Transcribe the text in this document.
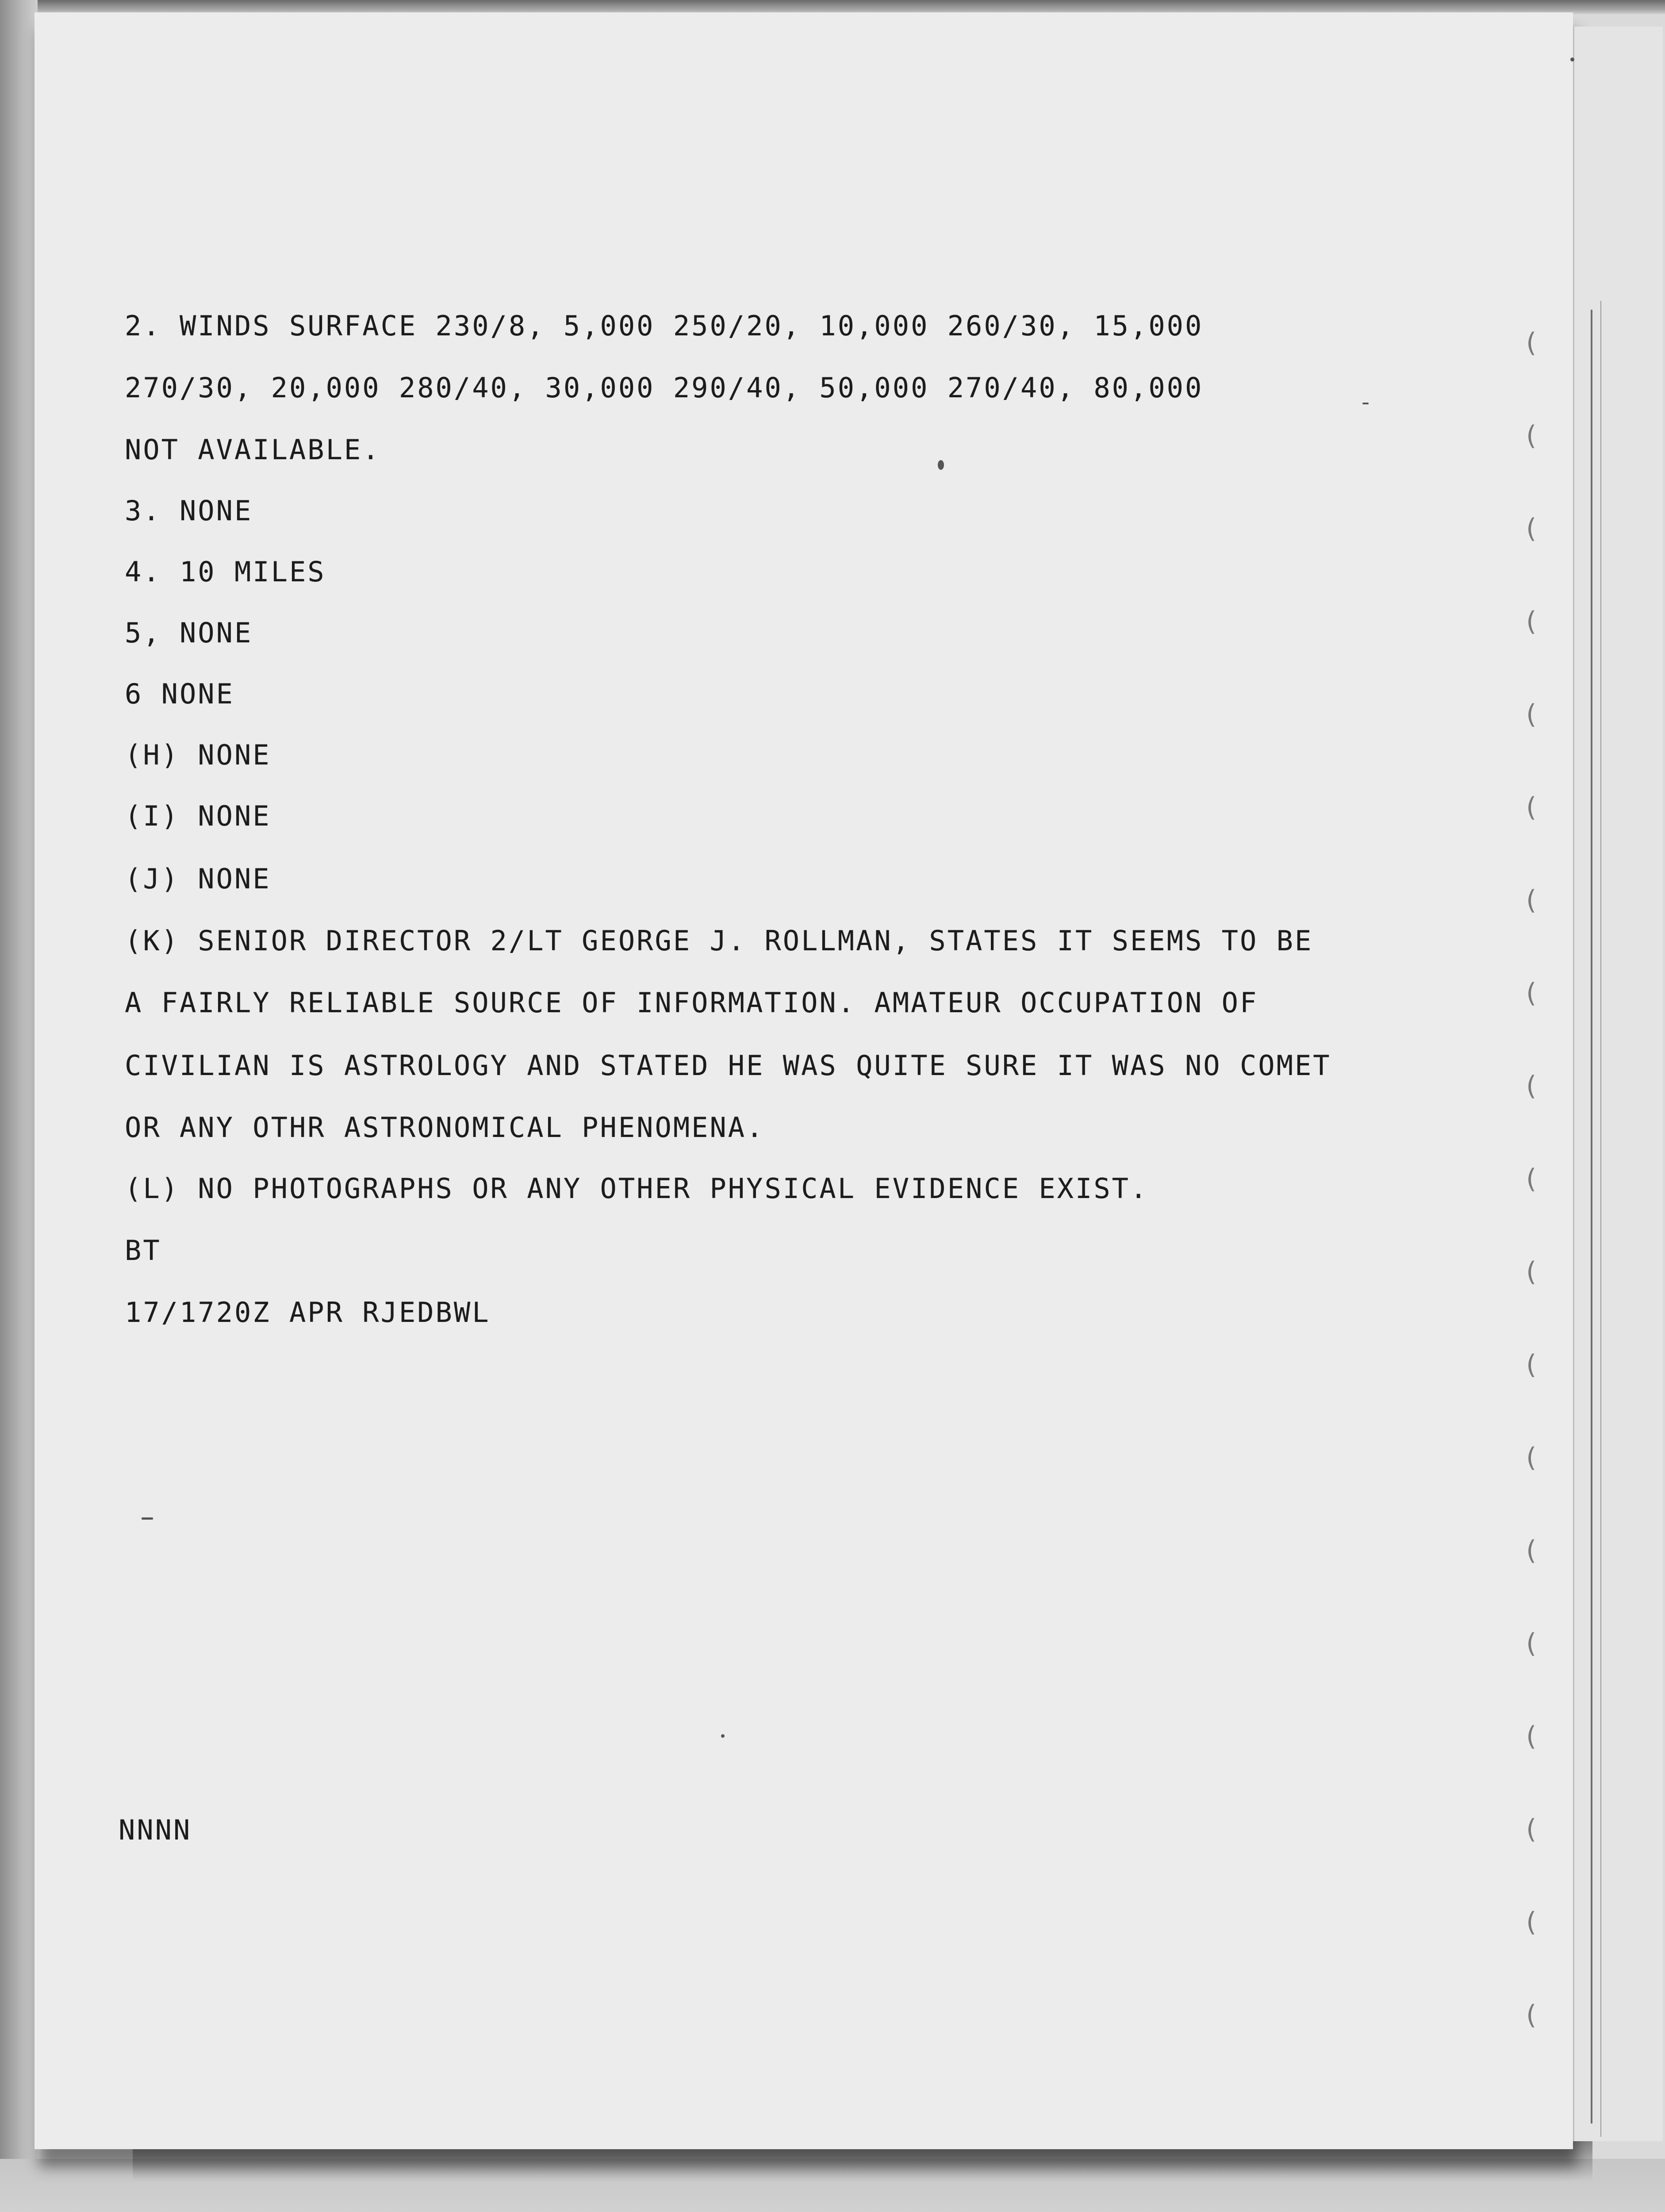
(
(
(
(
(
(
(
(
(
(
(
(
(
(
(
(
(
(
(
2. WINDS SURFACE 230/8, 5,000 250/20, 10,000 260/30, 15,000
270/30, 20,000 280/40, 30,000 290/40, 50,000 270/40, 80,000
NOT AVAILABLE.
3. NONE
4. 10 MILES
5, NONE
6 NONE
(H) NONE
(I) NONE
(J) NONE
(K) SENIOR DIRECTOR 2/LT GEORGE J. ROLLMAN, STATES IT SEEMS TO BE
A FAIRLY RELIABLE SOURCE OF INFORMATION. AMATEUR OCCUPATION OF
CIVILIAN IS ASTROLOGY AND STATED HE WAS QUITE SURE IT WAS NO COMET
OR ANY OTHR ASTRONOMICAL PHENOMENA.
(L) NO PHOTOGRAPHS OR ANY OTHER PHYSICAL EVIDENCE EXIST.
BT
17/1720Z APR RJEDBWL
NNNN
